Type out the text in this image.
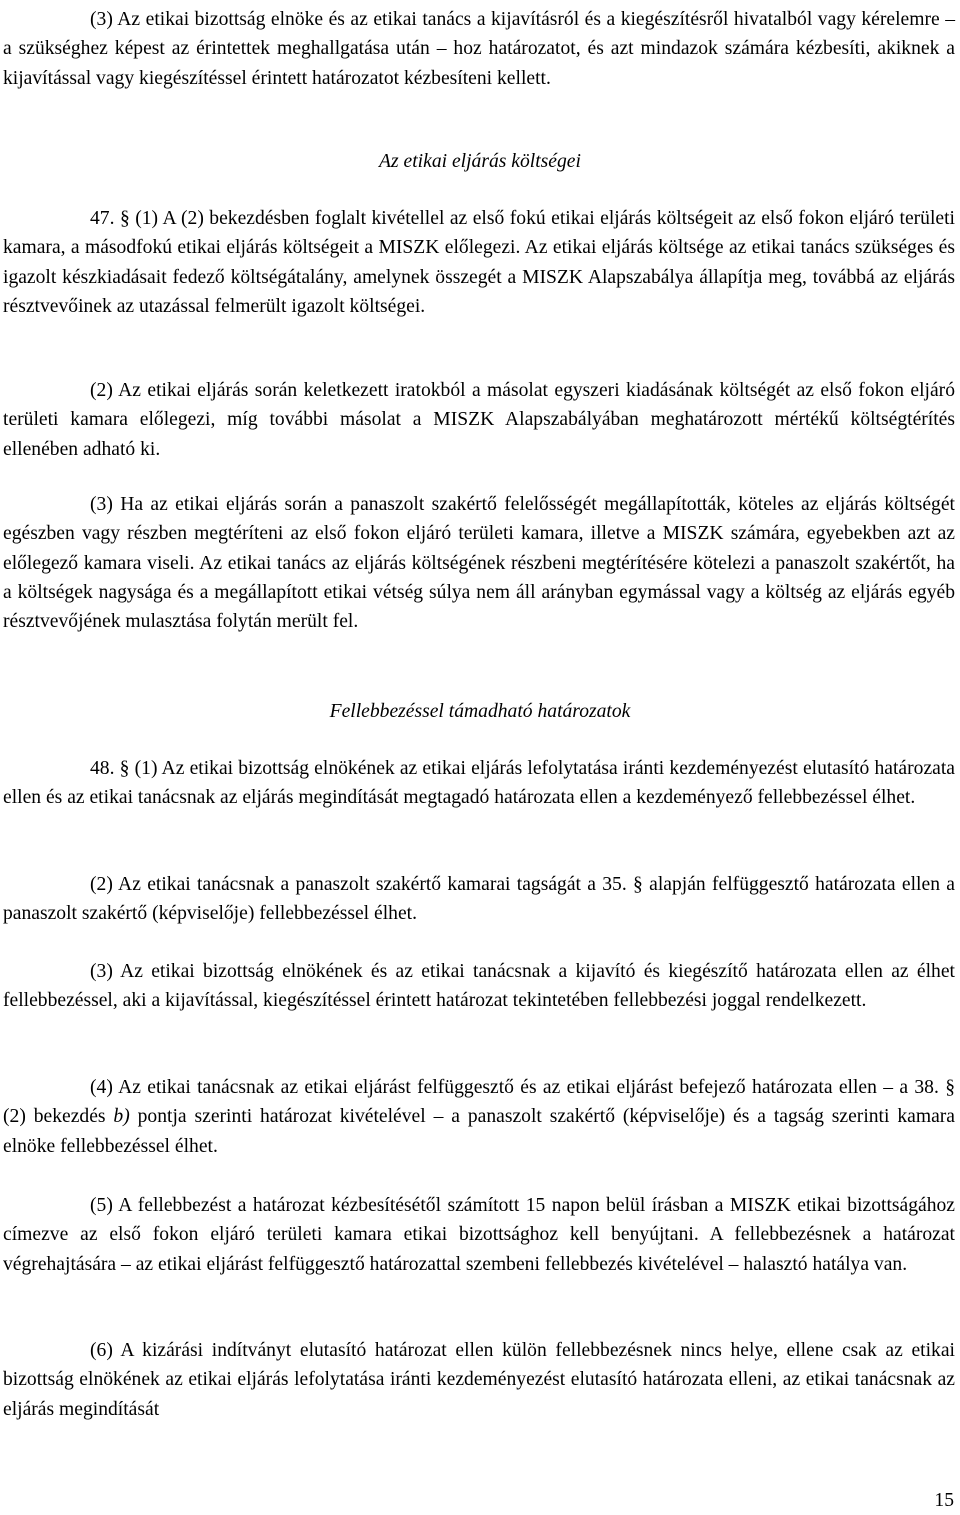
(3) Az etikai bizottság elnöke és az etikai tanács a kijavításról és a kiegészítésről hivatalból vagy kérelemre – a szükséghez képest az érintettek meghallgatása után – hoz határozatot, és azt mindazok számára kézbesíti, akiknek a kijavítással vagy kiegészítéssel érintett határozatot kézbesíteni kellett.

Az etikai eljárás költségei

47. § (1) A (2) bekezdésben foglalt kivétellel az első fokú etikai eljárás költségeit az első fokon eljáró területi kamara, a másodfokú etikai eljárás költségeit a MISZK előlegezi. Az etikai eljárás költsége az etikai tanács szükséges és igazolt készkiadásait fedező költségátalány, amelynek összegét a MISZK Alapszabálya állapítja meg, továbbá az eljárás résztvevőinek az utazással felmerült igazolt költségei.

(2) Az etikai eljárás során keletkezett iratokból a másolat egyszeri kiadásának költségét az első fokon eljáró területi kamara előlegezi, míg további másolat a MISZK Alapszabályában meghatározott mértékű költségtérítés ellenében adható ki.

(3) Ha az etikai eljárás során a panaszolt szakértő felelősségét megállapították, köteles az eljárás költségét egészben vagy részben megtéríteni az első fokon eljáró területi kamara, illetve a MISZK számára, egyebekben azt az előlegező kamara viseli. Az etikai tanács az eljárás költségének részbeni megtérítésére kötelezi a panaszolt szakértőt, ha a költségek nagysága és a megállapított etikai vétség súlya nem áll arányban egymással vagy a költség az eljárás egyéb résztvevőjének mulasztása folytán merült fel.

Fellebbezéssel támadható határozatok

48. § (1) Az etikai bizottság elnökének az etikai eljárás lefolytatása iránti kezdeményezést elutasító határozata ellen és az etikai tanácsnak az eljárás megindítását megtagadó határozata ellen a kezdeményező fellebbezéssel élhet.

(2) Az etikai tanácsnak a panaszolt szakértő kamarai tagságát a 35. § alapján felfüggesztő határozata ellen a panaszolt szakértő (képviselője) fellebbezéssel élhet.

(3) Az etikai bizottság elnökének és az etikai tanácsnak a kijavító és kiegészítő határozata ellen az élhet fellebbezéssel, aki a kijavítással, kiegészítéssel érintett határozat tekintetében fellebbezési joggal rendelkezett.

(4) Az etikai tanácsnak az etikai eljárást felfüggesztő és az etikai eljárást befejező határozata ellen – a 38. § (2) bekezdés b) pontja szerinti határozat kivételével – a panaszolt szakértő (képviselője) és a tagság szerinti kamara elnöke fellebbezéssel élhet.

(5) A fellebbezést a határozat kézbesítésétől számított 15 napon belül írásban a MISZK etikai bizottságához címezve az első fokon eljáró területi kamara etikai bizottsághoz kell benyújtani. A fellebbezésnek a határozat végrehajtására – az etikai eljárást felfüggesztő határozattal szembeni fellebbezés kivételével – halasztó hatálya van.

(6) A kizárási indítványt elutasító határozat ellen külön fellebbezésnek nincs helye, ellene csak az etikai bizottság elnökének az etikai eljárás lefolytatása iránti kezdeményezést elutasító határozata elleni, az etikai tanácsnak az eljárás megindítását

15
